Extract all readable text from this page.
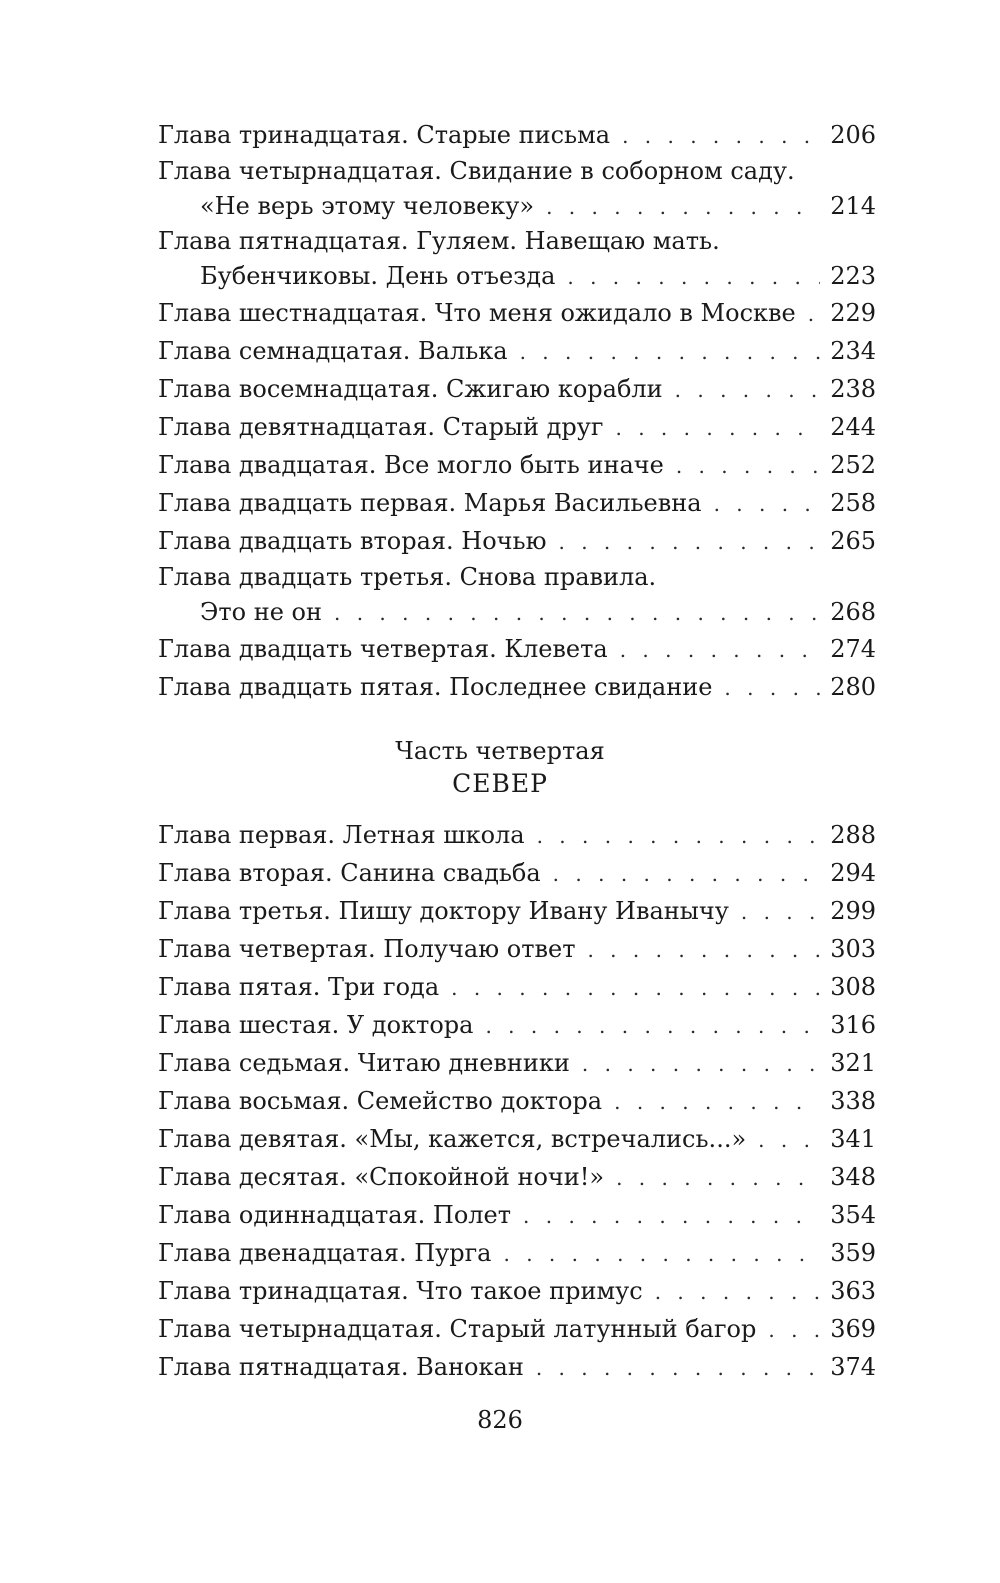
Глава тринадцатая. Старые письма . . .	206
Глава четырнадцатая. Свидание в соборном саду.
«Не верь этому человеку» . . .	214
Глава пятнадцатая. Гуляем. Навещаю мать.
Бубенчиковы. День отъезда . . .	223
Глава шестнадцатая. Что меня ожидало в Москве . . . 229
Глава семнадцатая. Валька . . .	234
Глава восемнадцатая. Сжигаю корабли . . .	238
Глава девятнадцатая. Старый друг . . .	244
Глава двадцатая. Все могло быть иначе . . .	252
Глава двадцать первая. Марья Васильевна . . .	258
Глава двадцать вторая. Ночью . . .	265
Глава двадцать третья. Снова правила.
Это не он . . .	268
Глава двадцать четвертая. Клевета . . .	274
Глава двадцать пятая. Последнее свидание . . .	280
Часть четвертая
СЕВЕР
Глава первая. Летная школа . . .	288
Глава вторая. Санина свадьба . . .	294
Глава третья. Пишу доктору Ивану Иванычу . . .	299
Глава четвертая. Получаю ответ . . .	303
Глава пятая. Три года . . .	308
Глава шестая. У доктора . . .	316
Глава седьмая. Читаю дневники . . .	321
Глава восьмая. Семейство доктора . . .	338
Глава девятая. «Мы, кажется, встречались...» . . .	341
Глава десятая. «Спокойной ночи!» . . .	348
Глава одиннадцатая. Полет . . .	354
Глава двенадцатая. Пурга . . .	359
Глава тринадцатая. Что такое примус . . .	363
Глава четырнадцатая. Старый латунный багор . . .	369
Глава пятнадцатая. Ванокан . . .	374
826
